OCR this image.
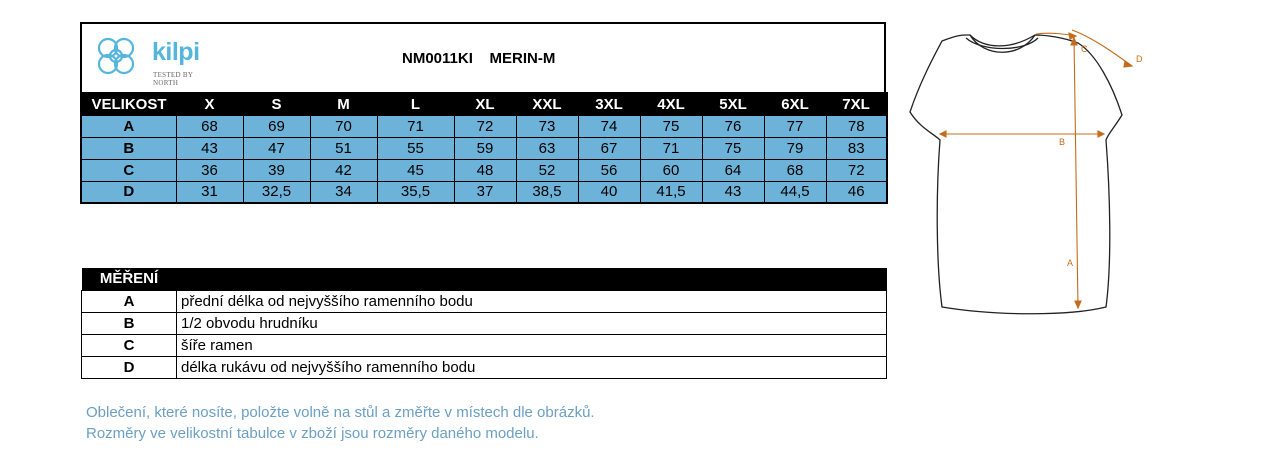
kilpi
TESTED BY NORTH
NM0011KI MERIN-M
VELIKOST	X	S	M	L	XL	XXL	3XL	4XL	5XL	6XL	7XL
A	68	69	70	71	72	73	74	75	76	77	78
B	43	47	51	55	59	63	67	71	75	79	83
C	36	39	42	45	48	52	56	60	64	68	72
D	31	32,5	34	35,5	37	38,5	40	41,5	43	44,5	46
MĚŘENÍ	
A	přední délka od nejvyššího ramenního bodu
B	1/2 obvodu hrudníku
C	šíře ramen
D	délka rukávu od nejvyššího ramenního bodu
Oblečení, které nosíte, položte volně na stůl a změřte v místech dle obrázků.
Rozměry ve velikostní tabulce v zboží jsou rozměry daného modelu.
B
A
C
D
